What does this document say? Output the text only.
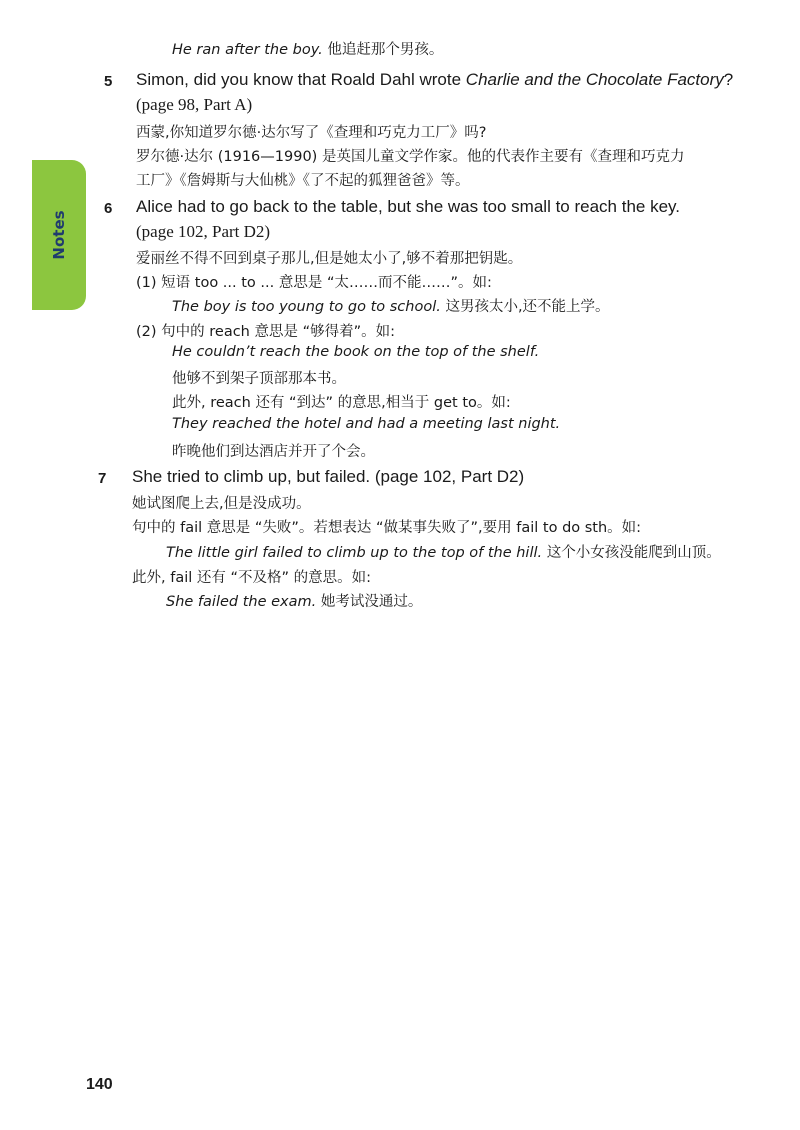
Notes
He ran after the boy. 他追赶那个男孩。
5 Simon, did you know that Roald Dahl wrote Charlie and the Chocolate Factory?
(page 98, Part A)
西蒙,你知道罗尔德·达尔写了《查理和巧克力工厂》吗?
罗尔德·达尔 (1916—1990) 是英国儿童文学作家。他的代表作主要有《查理和巧克力
工厂》《詹姆斯与大仙桃》《了不起的狐狸爸爸》等。
6 Alice had to go back to the table, but she was too small to reach the key.
(page 102, Part D2)
爱丽丝不得不回到桌子那儿,但是她太小了,够不着那把钥匙。
(1) 短语 too ... to ... 意思是 “太……而不能……”。如:
The boy is too young to go to school. 这男孩太小,还不能上学。
(2) 句中的 reach 意思是 “够得着”。如:
He couldn’t reach the book on the top of the shelf.
他够不到架子顶部那本书。
此外, reach 还有 “到达” 的意思,相当于 get to。如:
They reached the hotel and had a meeting last night.
昨晚他们到达酒店并开了个会。
7 She tried to climb up, but failed. (page 102, Part D2)
她试图爬上去,但是没成功。
句中的 fail 意思是 “失败”。若想表达 “做某事失败了”,要用 fail to do sth。如:
The little girl failed to climb up to the top of the hill. 这个小女孩没能爬到山顶。
此外, fail 还有 “不及格” 的意思。如:
She failed the exam. 她考试没通过。
140
